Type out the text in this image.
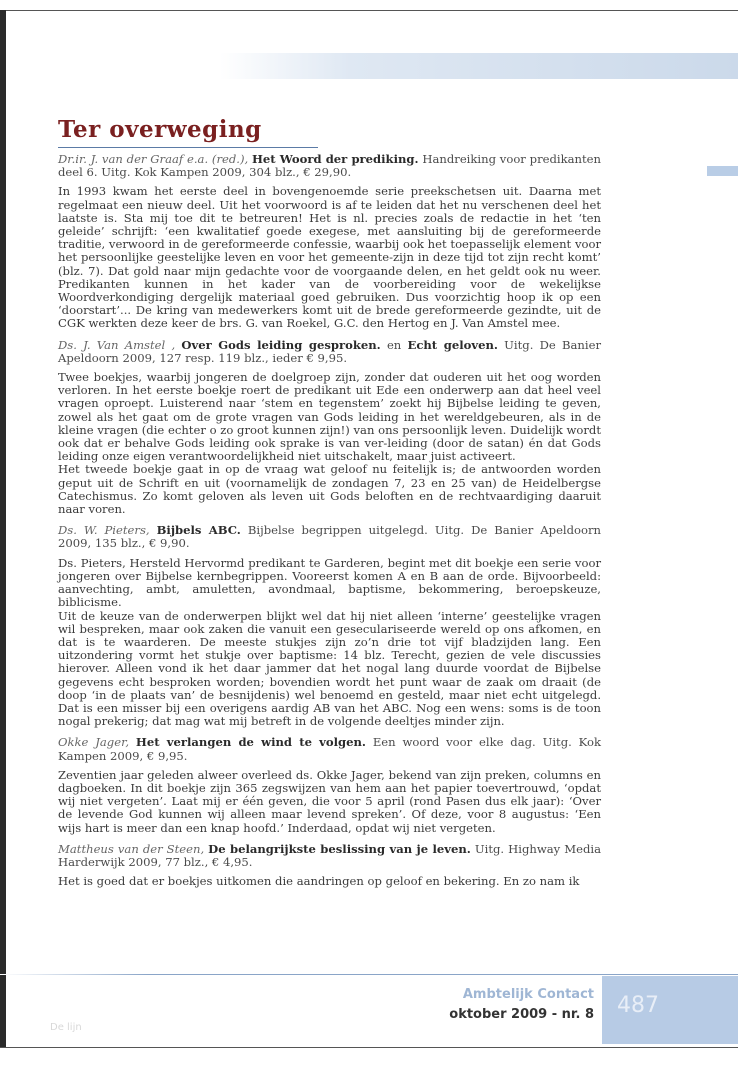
Ter overweging

Dr.ir. J. van der Graaf e.a. (red.), Het Woord der prediking. Handreiking voor predikanten deel 6. Uitg. Kok Kampen 2009, 304 blz., € 29,90.

In 1993 kwam het eerste deel in bovengenoemde serie preekschetsen uit. Daarna met regelmaat een nieuw deel. Uit het voorwoord is af te leiden dat het nu verschenen deel het laatste is. Sta mij toe dit te betreuren! Het is nl. precies zoals de redactie in het ‘ten geleide’ schrijft: ‘een kwalitatief goede exegese, met aansluiting bij de gereformeerde traditie, verwoord in de gereformeerde confessie, waarbij ook het toepasselijk element voor het persoonlijke geestelijke leven en voor het gemeente-zijn in deze tijd tot zijn recht komt’ (blz. 7). Dat gold naar mijn gedachte voor de voorgaande delen, en het geldt ook nu weer. Predikanten kunnen in het kader van de voorbereiding voor de wekelijkse Woordverkondiging dergelijk materiaal goed gebruiken. Dus voorzichtig hoop ik op een ‘doorstart’... De kring van medewerkers komt uit de brede gereformeerde gezindte, uit de CGK werkten deze keer de brs. G. van Roekel, G.C. den Hertog en J. Van Amstel mee.

Ds. J. Van Amstel , Over Gods leiding gesproken. en Echt geloven. Uitg. De Banier Apeldoorn 2009, 127 resp. 119 blz., ieder € 9,95.

Twee boekjes, waarbij jongeren de doelgroep zijn, zonder dat ouderen uit het oog worden verloren. In het eerste boekje roert de predikant uit Ede een onderwerp aan dat heel veel vragen oproept. Luisterend naar ‘stem en tegenstem’ zoekt hij Bijbelse leiding te geven, zowel als het gaat om de grote vragen van Gods leiding in het wereldgebeuren, als in de kleine vragen (die echter o zo groot kunnen zijn!) van ons persoonlijk leven. Duidelijk wordt ook dat er behalve Gods leiding ook sprake is van ver-leiding (door de satan) én dat Gods leiding onze eigen verantwoordelijkheid niet uitschakelt, maar juist activeert.

Het tweede boekje gaat in op de vraag wat geloof nu feitelijk is; de antwoorden worden geput uit de Schrift en uit (voornamelijk de zondagen 7, 23 en 25 van) de Heidelbergse Catechismus. Zo komt geloven als leven uit Gods beloften en de rechtvaardiging daaruit naar voren.

Ds. W. Pieters, Bijbels ABC. Bijbelse begrippen uitgelegd. Uitg. De Banier Apeldoorn 2009, 135 blz., € 9,90.

Ds. Pieters, Hersteld Hervormd predikant te Garderen, begint met dit boekje een serie voor jongeren over Bijbelse kernbegrippen. Vooreerst komen A en B aan de orde. Bijvoorbeeld: aanvechting, ambt, amuletten, avondmaal, baptisme, bekommering, beroepskeuze, biblicisme.

Uit de keuze van de onderwerpen blijkt wel dat hij niet alleen ‘interne’ geestelijke vragen wil bespreken, maar ook zaken die vanuit een geseculariseerde wereld op ons afkomen, en dat is te waarderen. De meeste stukjes zijn zo’n drie tot vijf bladzijden lang. Een uitzondering vormt het stukje over baptisme: 14 blz. Terecht, gezien de vele discussies hierover. Alleen vond ik het daar jammer dat het nogal lang duurde voordat de Bijbelse gegevens echt besproken worden; bovendien wordt het punt waar de zaak om draait (de doop ‘in de plaats van’ de besnijdenis) wel benoemd en gesteld, maar niet echt uitgelegd. Dat is een misser bij een overigens aardig AB van het ABC. Nog een wens: soms is de toon nogal prekerig; dat mag wat mij betreft in de volgende deeltjes minder zijn.

Okke Jager, Het verlangen de wind te volgen. Een woord voor elke dag. Uitg. Kok Kampen 2009, € 9,95.

Zeventien jaar geleden alweer overleed ds. Okke Jager, bekend van zijn preken, columns en dagboeken. In dit boekje zijn 365 zegswijzen van hem aan het papier toevertrouwd, ‘opdat wij niet vergeten’. Laat mij er één geven, die voor 5 april (rond Pasen dus elk jaar): ‘Over de levende God kunnen wij alleen maar levend spreken’. Of deze, voor 8 augustus: ‘Een wijs hart is meer dan een knap hoofd.’ Inderdaad, opdat wij niet vergeten.

Mattheus van der Steen, De belangrijkste beslissing van je leven. Uitg. Highway Media Harderwijk 2009, 77 blz., € 4,95.

Het is goed dat er boekjes uitkomen die aandringen op geloof en bekering. En zo nam ik

De lijn
Ambtelijk Contact
oktober 2009 - nr. 8 487
